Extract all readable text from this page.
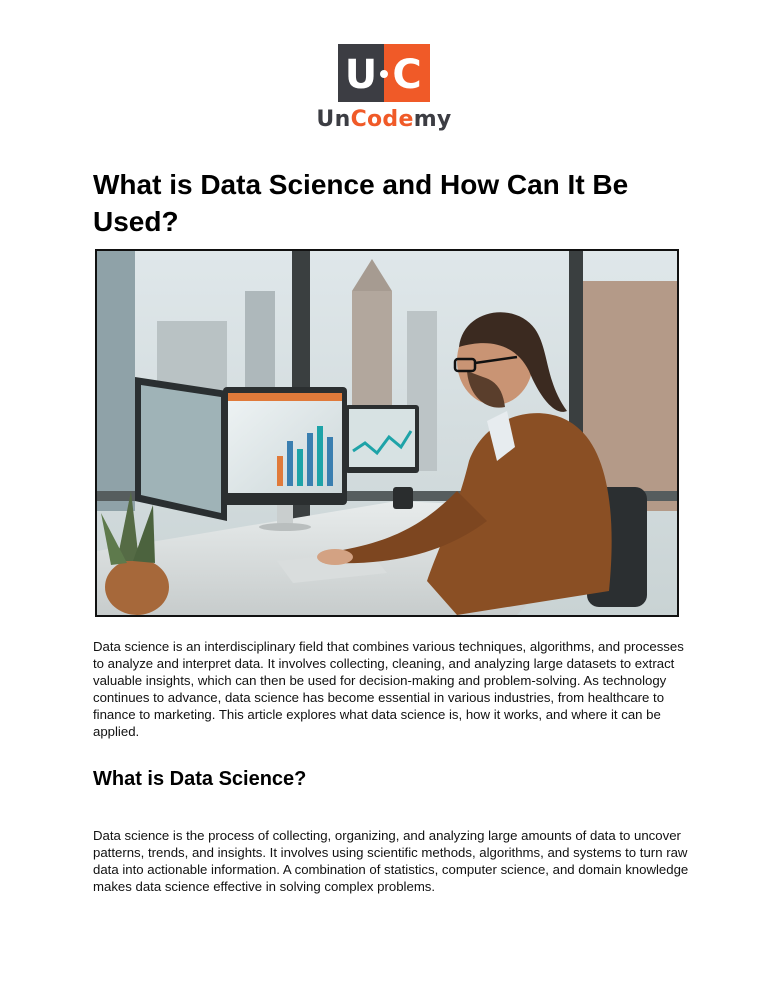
U C
UnCodemy
What is Data Science and How Can It Be Used?

Data science is an interdisciplinary field that combines various techniques, algorithms, and processes to analyze and interpret data. It involves collecting, cleaning, and analyzing large datasets to extract valuable insights, which can then be used for decision-making and problem-solving. As technology continues to advance, data science has become essential in various industries, from healthcare to finance to marketing. This article explores what data science is, how it works, and where it can be applied.

What is Data Science?

Data science is the process of collecting, organizing, and analyzing large amounts of data to uncover patterns, trends, and insights. It involves using scientific methods, algorithms, and systems to turn raw data into actionable information. A combination of statistics, computer science, and domain knowledge makes data science effective in solving complex problems.
